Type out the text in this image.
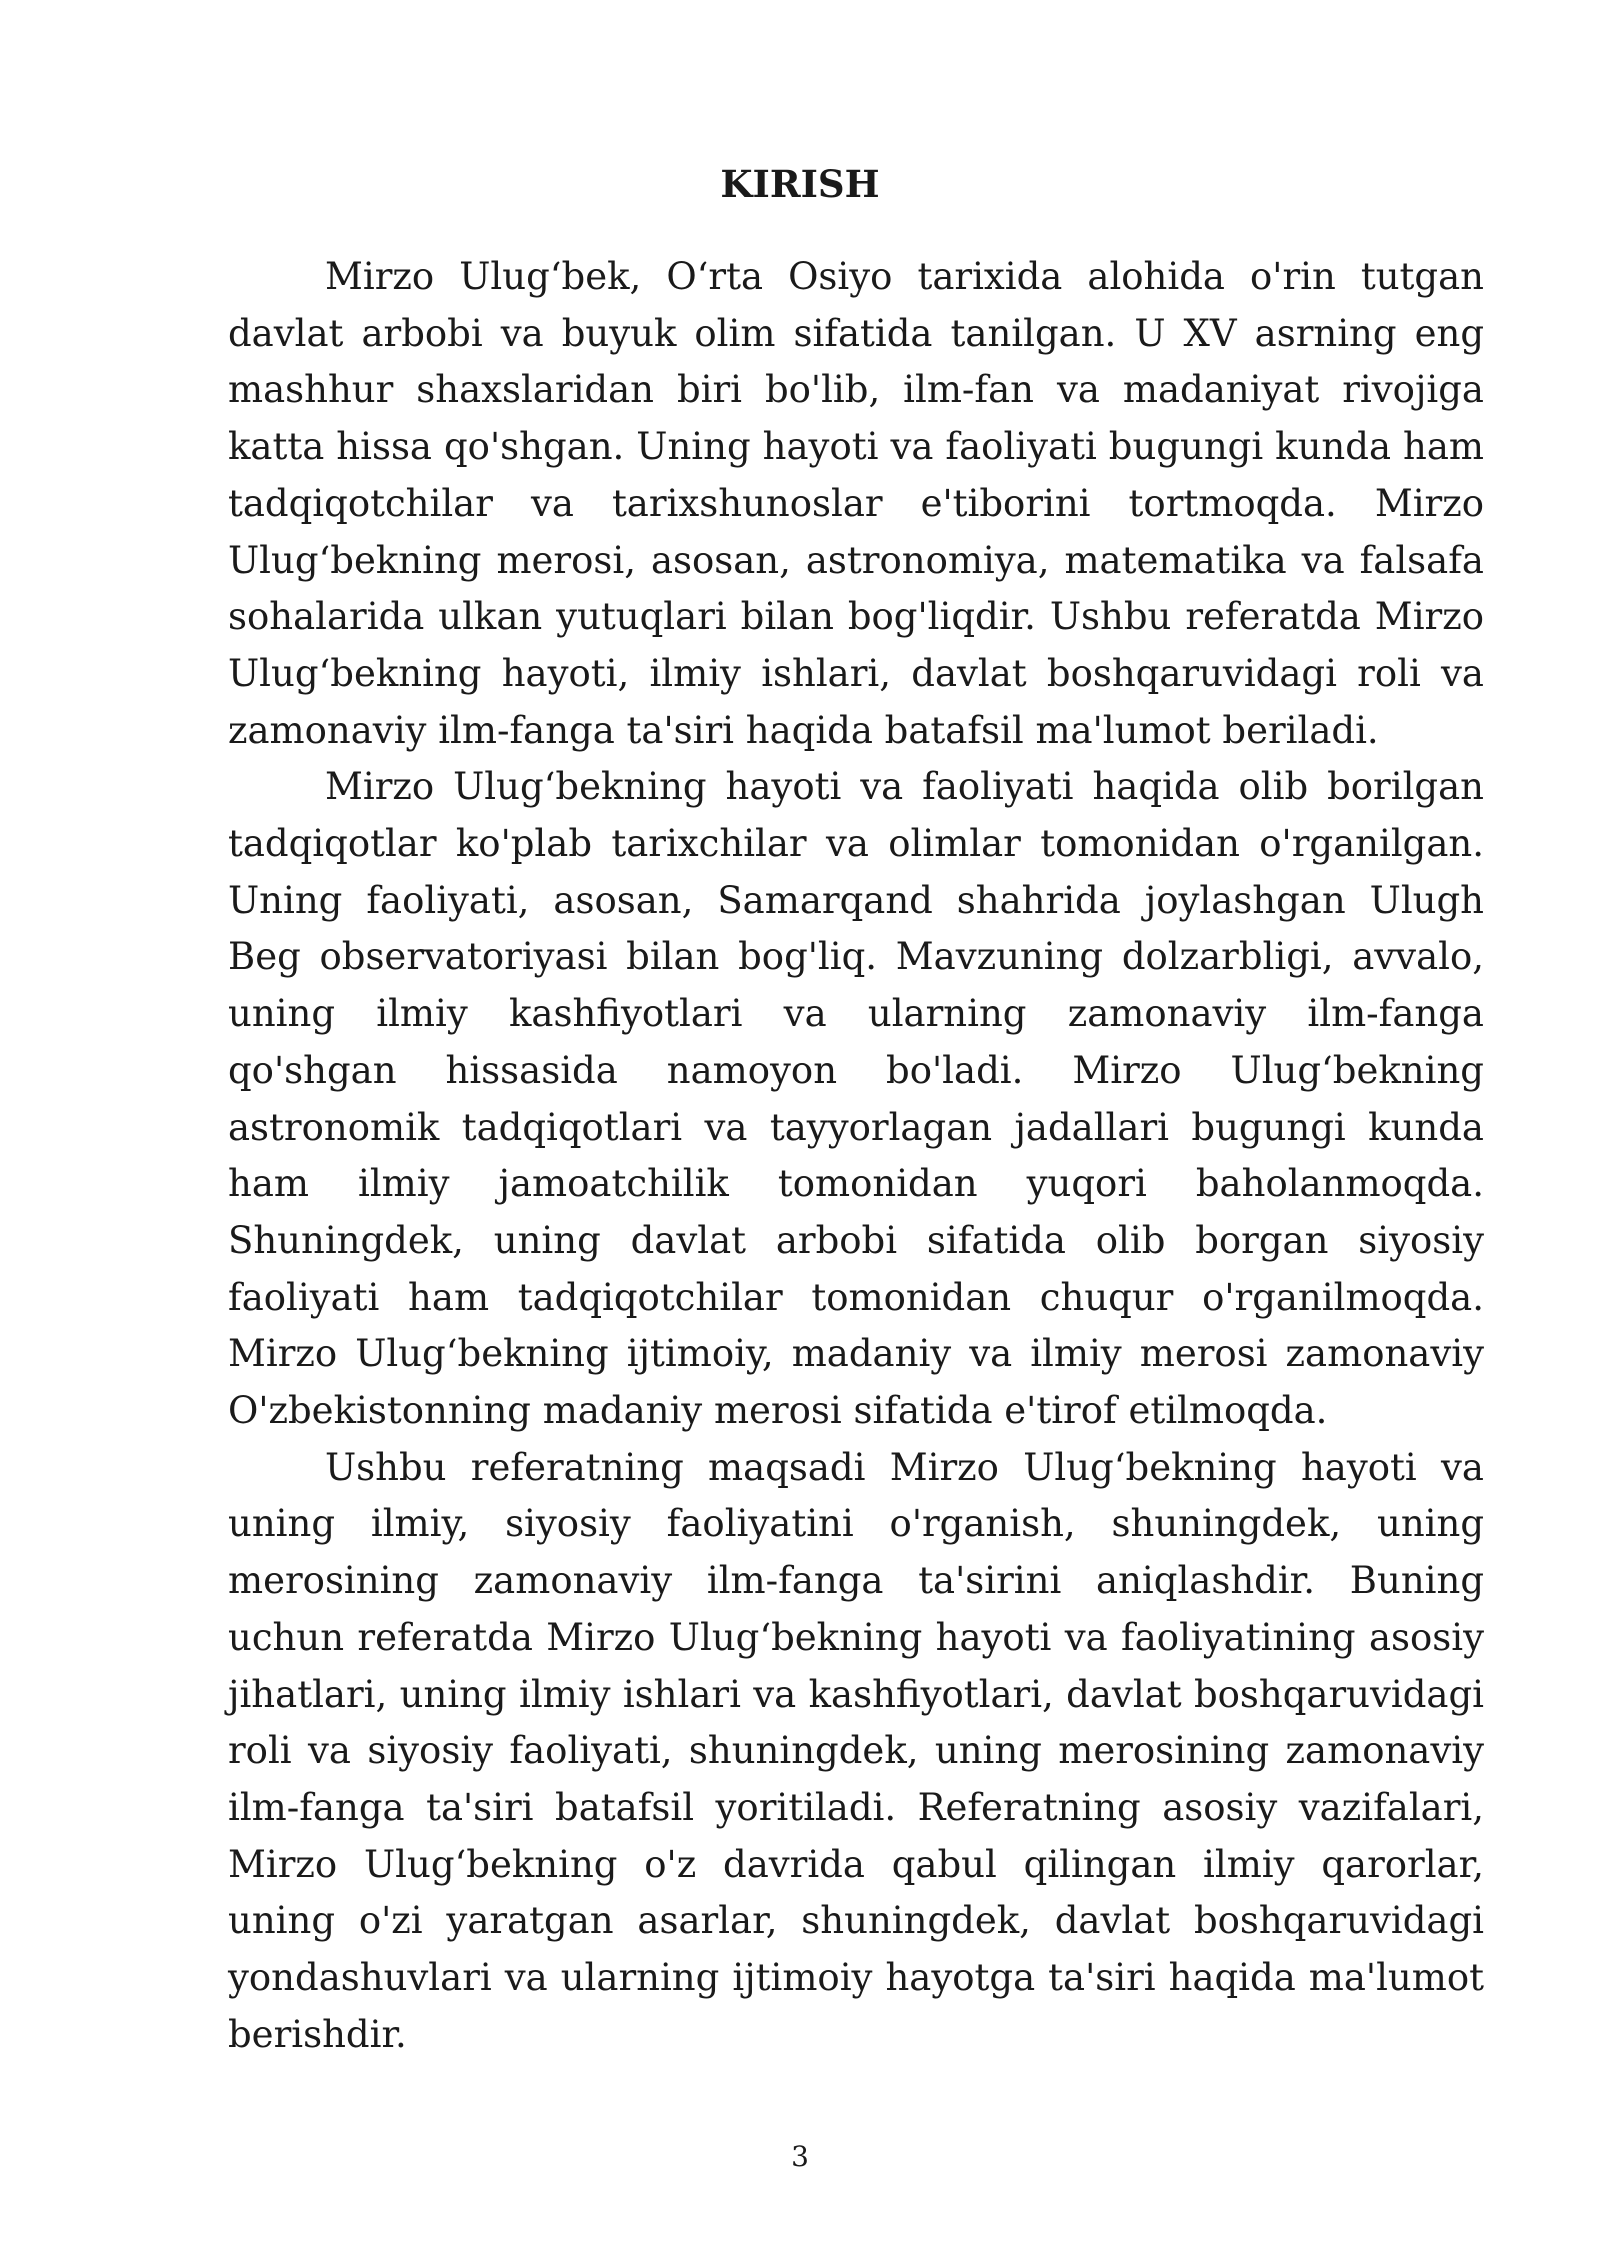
KIRISH

Mirzo Ulug‘bek, O‘rta Osiyo tarixida alohida o'rin tutgan davlat arbobi va buyuk olim sifatida tanilgan. U XV asrning eng mashhur shaxslaridan biri bo'lib, ilm-fan va madaniyat rivojiga katta hissa qo'shgan. Uning hayoti va faoliyati bugungi kunda ham tadqiqotchilar va tarixshunoslar e'tiborini tortmoqda. Mirzo Ulug‘bekning merosi, asosan, astronomiya, matematika va falsafa sohalarida ulkan yutuqlari bilan bog'liqdir. Ushbu referatda Mirzo Ulug‘bekning hayoti, ilmiy ishlari, davlat boshqaruvidagi roli va zamonaviy ilm-fanga ta'siri haqida batafsil ma'lumot beriladi.

Mirzo Ulug‘bekning hayoti va faoliyati haqida olib borilgan tadqiqotlar ko'plab tarixchilar va olimlar tomonidan o'rganilgan. Uning faoliyati, asosan, Samarqand shahrida joylashgan Ulugh Beg observatoriyasi bilan bog'liq. Mavzuning dolzarbligi, avvalo, uning ilmiy kashfiyotlari va ularning zamonaviy ilm-fanga qo'shgan hissasida namoyon bo'ladi. Mirzo Ulug‘bekning astronomik tadqiqotlari va tayyorlagan jadallari bugungi kunda ham ilmiy jamoatchilik tomonidan yuqori baholanmoqda. Shuningdek, uning davlat arbobi sifatida olib borgan siyosiy faoliyati ham tadqiqotchilar tomonidan chuqur o'rganilmoqda. Mirzo Ulug‘bekning ijtimoiy, madaniy va ilmiy merosi zamonaviy O'zbekistonning madaniy merosi sifatida e'tirof etilmoqda.

Ushbu referatning maqsadi Mirzo Ulug‘bekning hayoti va uning ilmiy, siyosiy faoliyatini o'rganish, shuningdek, uning merosining zamonaviy ilm-fanga ta'sirini aniqlashdir. Buning uchun referatda Mirzo Ulug‘bekning hayoti va faoliyatining asosiy jihatlari, uning ilmiy ishlari va kashfiyotlari, davlat boshqaruvidagi roli va siyosiy faoliyati, shuningdek, uning merosining zamonaviy ilm-fanga ta'siri batafsil yoritiladi. Referatning asosiy vazifalari, Mirzo Ulug‘bekning o'z davrida qabul qilingan ilmiy qarorlar, uning o'zi yaratgan asarlar, shuningdek, davlat boshqaruvidagi yondashuvlari va ularning ijtimoiy hayotga ta'siri haqida ma'lumot berishdir.

3
